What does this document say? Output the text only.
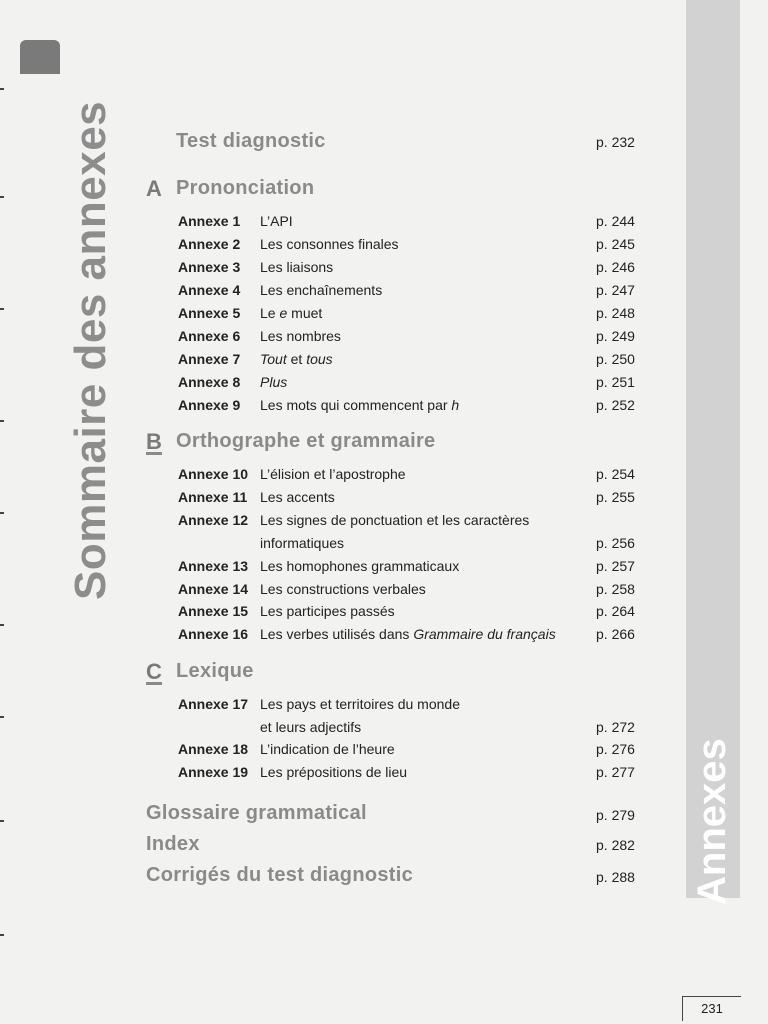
Sommaire des annexes
Annexes
231
Test diagnostic	p. 232
A Prononciation
Annexe 1	L’API	p. 244
Annexe 2	Les consonnes finales	p. 245
Annexe 3	Les liaisons	p. 246
Annexe 4	Les enchaînements	p. 247
Annexe 5	Le e muet	p. 248
Annexe 6	Les nombres	p. 249
Annexe 7	Tout et tous	p. 250
Annexe 8	Plus	p. 251
Annexe 9	Les mots qui commencent par h	p. 252
B Orthographe et grammaire
Annexe 10 L’élision et l’apostrophe	p. 254
Annexe 11 Les accents	p. 255
Annexe 12 Les signes de ponctuation et les caractères
informatiques	p. 256
Annexe 13 Les homophones grammaticaux	p. 257
Annexe 14 Les constructions verbales	p. 258
Annexe 15 Les participes passés	p. 264
Annexe 16 Les verbes utilisés dans Grammaire du français	p. 266
C Lexique
Annexe 17 Les pays et territoires du monde
et leurs adjectifs	p. 272
Annexe 18 L’indication de l’heure	p. 276
Annexe 19 Les prépositions de lieu	p. 277
Glossaire grammatical	p. 279
Index	p. 282
Corrigés du test diagnostic	p. 288
